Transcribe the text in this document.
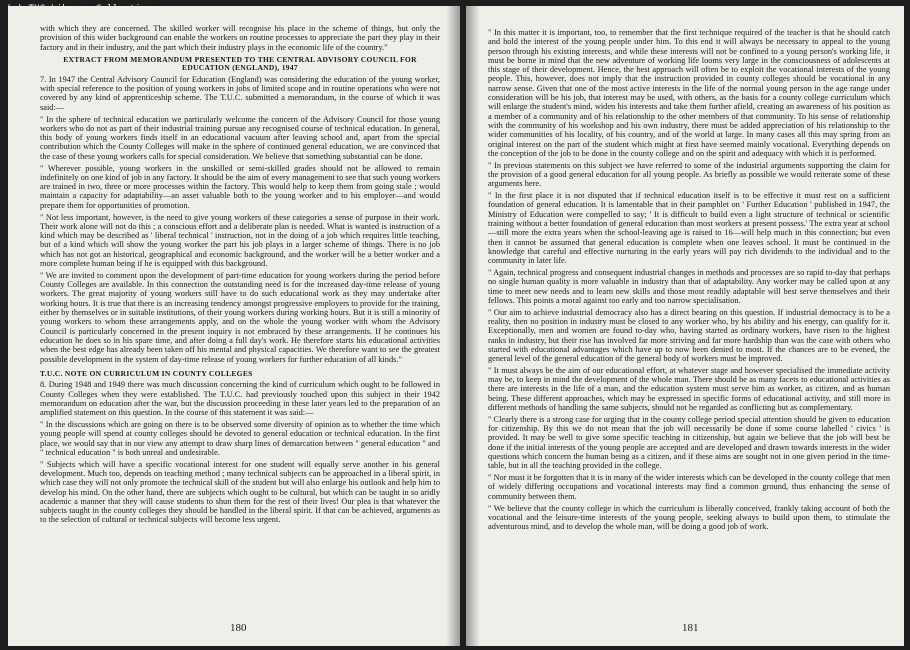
(c) TUC Library Collections

with which they are concerned. The skilled worker will recognise his place in the scheme of things, but only the provision of this wider background can enable the workers on routine processes to appreciate the part they play in their factory and in their industry, and the part which their industry plays in the economic life of the country."

EXTRACT FROM MEMORANDUM PRESENTED TO THE CENTRAL ADVISORY COUNCIL FOR EDUCATION (ENGLAND), 1947

7. In 1947 the Central Advisory Council for Education (England) was considering the education of the young worker, with special reference to the position of young workers in jobs of limited scope and in routine operations who were not covered by any kind of apprenticeship scheme. The T.U.C. submitted a memorandum, in the course of which it was said:—

" In the sphere of technical education we particularly welcome the concern of the Advisory Council for those young workers who do not as part of their industrial training pursue any recognised course of technical education. In general, this body of young workers finds itself in an educational vacuum after leaving school and, apart from the special contribution which the County Colleges will make in the sphere of continued general education, we are convinced that the case of these young workers calls for special consideration. We believe that something substantial can be done.

" Wherever possible, young workers in the unskilled or semi-skilled grades should not be allowed to remain indefinitely on one kind of job in any factory. It should be the aim of every management to see that such young workers are trained in two, three or more processes within the factory. This would help to keep them from going stale ; would maintain a capacity for adaptability—an asset valuable both to the young worker and to his employer—and would prepare them for opportunities of promotion.

" Not less important, however, is the need to give young workers of these categories a sense of purpose in their work. Their work alone will not do this ; a conscious effort and a deliberate plan is needed. What is wanted is instruction of a kind which may be described as ' liberal technical ' instruction, not in the doing of a job which requires little teaching, but of a kind which will show the young worker the part his job plays in a larger scheme of things. There is no job which has not got an historical, geographical and economic background, and the worker will be a better worker and a more complete human being if he is equipped with this background.

" We are invited to comment upon the development of part-time education for young workers during the period before County Colleges are available. In this connection the outstanding need is for the increased day-time release of young workers. The great majority of young workers still have to do such educational work as they may undertake after working hours. It is true that there is an increasing tendency amongst progressive employers to provide for the training, either by themselves or in suitable institutions, of their young workers during working hours. But it is still a minority of young workers to whom these arrangements apply, and on the whole the young worker with whom the Advisory Council is particularly concerned in the present inquiry is not embraced by these arrangements. If he continues his education he does so in his spare time, and after doing a full day's work. He therefore starts his educational activities when the best edge has already been taken off his mental and physical capacities. We therefore want to see the greatest possible development in the system of day-time release of young workers for further education of all kinds."

T.U.C. NOTE ON CURRICULUM IN COUNTY COLLEGES

8. During 1948 and 1949 there was much discussion concerning the kind of curriculum which ought to be followed in County Colleges when they were established. The T.U.C. had previously touched upon this subject in their 1942 memorandum on education after the war, but the discussion proceeding in these later years led to the preparation of an amplified statement on this question. In the course of this statement it was said:—

" In the discussions which are going on there is to be observed some diversity of opinion as to whether the time which young people will spend at county colleges should be devoted to general education or technical education. In the first place, we would say that in our view any attempt to draw sharp lines of demarcation between " general education " and " technical education " is both unreal and undesirable.

" Subjects which will have a specific vocational interest for one student will equally serve another in his general development. Much too, depends on teaching method ; many technical subjects can be approached in a liberal spirit, in which case they will not only promote the technical skill of the student but will also enlarge his outlook and help him to develop his mind. On the other hand, there are subjects which ought to be cultural, but which can be taught in so aridly academic a manner that they will cause students to shun them for the rest of their lives! Our plea is that whatever the subjects taught in the county colleges they should be handled in the liberal spirit. If that can be achieved, arguments as to the selection of cultural or technical subjects will become less urgent.

180

" In this matter it is important, too, to remember that the first technique required of the teacher is that he should catch and hold the interest of the young people under him. To this end it will always be necessary to appeal to the young person through his existing interests, and while these interests will not be confined to a young person's working life, it must be borne in mind that the new adventure of working life looms very large in the consciousness of adolescents at this stage of their development. Hence, the best approach will often be to exploit the vocational interests of the young people. This, however, does not imply that the instruction provided in county colleges should be vocational in any narrow sense. Given that one of the most active interests in the life of the normal young person in the age range under consideration will be his job, that interest may be used, with others, as the basis for a county college curriculum which will enlarge the student's mind, widen his interests and take them further afield, creating an awareness of his position as a member of a community and of his relationship to the other members of that community. To his sense of relationship with the community of his workshop and his own industry, there must be added appreciation of his relationship to the wider communities of his locality, of his country, and of the world at large. In many cases all this may spring from an original interest on the part of the student which might at first have seemed mainly vocational. Everything depends on the conception of the job to be done in the county college and on the spirit and adequacy with which it is performed.

" In previous statements on this subject we have referred to some of the industrial arguments supporting the claim for the provision of a good general education for all young people. As briefly as possible we would reiterate some of these arguments here.

" In the first place it is not disputed that if technical education itself is to be effective it must rest on a sufficient foundation of general education. It is lamentable that in their pamphlet on ' Further Education ' published in 1947, the Ministry of Education were compelled to say; ' It is difficult to build even a light structure of technical or scientific training without a better foundation of general education than most workers at present possess.' The extra year at school—still more the extra years when the school-leaving age is raised to 16—will help much in this connection; but even then it cannot be assumed that general education is complete when one leaves school. It must be continued in the knowledge that careful and effective nurturing in the early years will pay rich dividends to the individual and to the community in later life.

" Again, technical progress and consequent industrial changes in methods and processes are so rapid to-day that perhaps no single human quality is more valuable in industry than that of adaptability. Any worker may be called upon at any time to meet new needs and to learn new skills and those most readily adaptable will best serve themselves and their fellows. This points a moral against too early and too narrow specialisation.

" Our aim to achieve industrial democracy also has a direct bearing on this question. If industrial democracy is to be a reality, then no position in industry must be closed to any worker who, by his ability and his energy, can qualify for it. Exceptionally, men and women are found to-day who, having started as ordinary workers, have risen to the highest ranks in industry, but their rise has involved far more striving and far more hardship than was the case with others who started with educational advantages which have up to now been denied to most. If the chances are to be evened, the general level of the general education of the general body of workers must be improved.

" It must always be the aim of our educational effort, at whatever stage and however specialised the immediate activity may be, to keep in mind the development of the whole man. There should be as many facets to educational activities as there are interests in the life of a man, and the education system must serve him as worker, as citizen, and as human being. These different approaches, which may be expressed in specific forms of educational activity, and still more in different methods of handling the same subjects, should not be regarded as conflicting but as complementary.

" Clearly there is a strong case for urging that in the county college period special attention should be given to education for citizenship. By this we do not mean that the job will necessarily be done if some course labelled ' civics ' is provided. It may be well to give some specific teaching in citizenship, but again we believe that the job will best be done if the initial interests of the young people are accepted and are developed and drawn towards interests in the wider questions which concern the human being as a citizen, and if these aims are sought not in one given period in the time-table, but in all the teaching provided in the college.

" Nor must it be forgotten that it is in many of the wider interests which can be developed in the county college that men of widely differing occupations and vocational interests may find a common ground, thus enhancing the sense of community between them.

" We believe that the county college in which the curriculum is liberally conceived, frankly taking account of both the vocational and the leisure-time interests of the young people, seeking always to build upon them, to stimulate the adventurous mind, and to develop the whole man, will be doing a good job of work.

181
